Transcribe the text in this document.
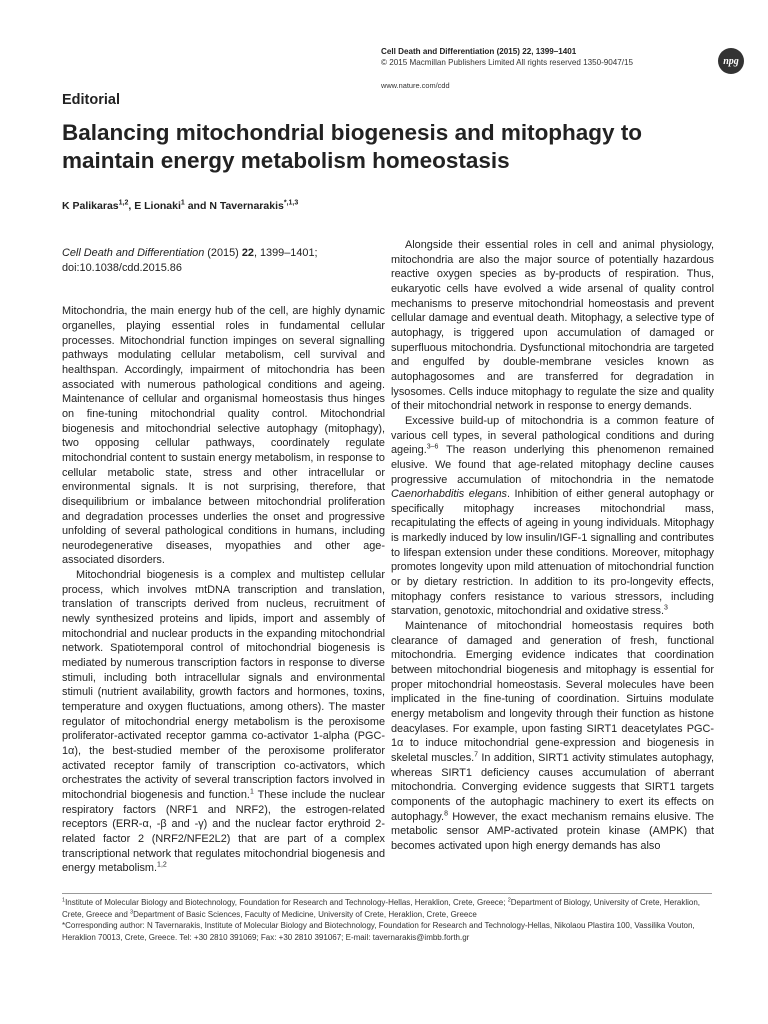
Cell Death and Differentiation (2015) 22, 1399–1401
© 2015 Macmillan Publishers Limited All rights reserved 1350-9047/15
www.nature.com/cdd
npg
Editorial
Balancing mitochondrial biogenesis and mitophagy to maintain energy metabolism homeostasis
K Palikaras$^{1,2}$, E Lionaki$^1$ and N Tavernarakis$^{*,1,3}$

Cell Death and Differentiation (2015) 22, 1399–1401;
doi:10.1038/cdd.2015.86

Mitochondria, the main energy hub of the cell, are highly dynamic organelles, playing essential roles in fundamental cellular processes. Mitochondrial function impinges on several signalling pathways modulating cellular metabolism, cell survival and healthspan. Accordingly, impairment of mitochondria has been associated with numerous pathological conditions and ageing. Maintenance of cellular and organismal homeostasis thus hinges on fine-tuning mitochondrial quality control. Mitochondrial biogenesis and mitochondrial selective autophagy (mitophagy), two opposing cellular pathways, coordinately regulate mitochondrial content to sustain energy metabolism, in response to cellular metabolic state, stress and other intracellular or environmental signals. It is not surprising, therefore, that disequilibrium or imbalance between mitochondrial proliferation and degradation processes underlies the onset and progressive unfolding of several pathological conditions in humans, including neurodegenerative diseases, myopathies and other age-associated disorders.

Mitochondrial biogenesis is a complex and multistep cellular process, which involves mtDNA transcription and translation, translation of transcripts derived from nucleus, recruitment of newly synthesized proteins and lipids, import and assembly of mitochondrial and nuclear products in the expanding mitochondrial network. Spatiotemporal control of mitochondrial biogenesis is mediated by numerous transcription factors in response to diverse stimuli, including both intracellular signals and environmental stimuli (nutrient availability, growth factors and hormones, toxins, temperature and oxygen fluctuations, among others). The master regulator of mitochondrial energy metabolism is the peroxisome proliferator-activated receptor gamma co-activator 1-alpha (PGC-1α), the best-studied member of the peroxisome proliferator activated receptor family of transcription co-activators, which orchestrates the activity of several transcription factors involved in mitochondrial biogenesis and function.$^1$ These include the nuclear respiratory factors (NRF1 and NRF2), the estrogen-related receptors (ERR-α, -β and -γ) and the nuclear factor erythroid 2-related factor 2 (NRF2/NFE2L2) that are part of a complex transcriptional network that regulates mitochondrial biogenesis and energy metabolism.$^{1,2}$

Alongside their essential roles in cell and animal physiology, mitochondria are also the major source of potentially hazardous reactive oxygen species as by-products of respiration. Thus, eukaryotic cells have evolved a wide arsenal of quality control mechanisms to preserve mitochondrial homeostasis and prevent cellular damage and eventual death. Mitophagy, a selective type of autophagy, is triggered upon accumulation of damaged or superfluous mitochondria. Dysfunctional mitochondria are targeted and engulfed by double-membrane vesicles known as autophagosomes and are transferred for degradation in lysosomes. Cells induce mitophagy to regulate the size and quality of their mitochondrial network in response to energy demands.

Excessive build-up of mitochondria is a common feature of various cell types, in several pathological conditions and during ageing.$^{3-6}$ The reason underlying this phenomenon remained elusive. We found that age-related mitophagy decline causes progressive accumulation of mitochondria in the nematode Caenorhabditis elegans. Inhibition of either general autophagy or specifically mitophagy increases mitochondrial mass, recapitulating the effects of ageing in young individuals. Mitophagy is markedly induced by low insulin/IGF-1 signalling and contributes to lifespan extension under these conditions. Moreover, mitophagy promotes longevity upon mild attenuation of mitochondrial function or by dietary restriction. In addition to its pro-longevity effects, mitophagy confers resistance to various stressors, including starvation, genotoxic, mitochondrial and oxidative stress.$^3$

Maintenance of mitochondrial homeostasis requires both clearance of damaged and generation of fresh, functional mitochondria. Emerging evidence indicates that coordination between mitochondrial biogenesis and mitophagy is essential for proper mitochondrial homeostasis. Several molecules have been implicated in the fine-tuning of coordination. Sirtuins modulate energy metabolism and longevity through their function as histone deacylases. For example, upon fasting SIRT1 deacetylates PGC-1α to induce mitochondrial gene-expression and biogenesis in skeletal muscles.$^7$ In addition, SIRT1 activity stimulates autophagy, whereas SIRT1 deficiency causes accumulation of aberrant mitochondria. Converging evidence suggests that SIRT1 targets components of the autophagic machinery to exert its effects on autophagy.$^8$ However, the exact mechanism remains elusive. The metabolic sensor AMP-activated protein kinase (AMPK) that becomes activated upon high energy demands has also

$^1$Institute of Molecular Biology and Biotechnology, Foundation for Research and Technology-Hellas, Heraklion, Crete, Greece; $^2$Department of Biology, University of Crete, Heraklion, Crete, Greece and $^3$Department of Basic Sciences, Faculty of Medicine, University of Crete, Heraklion, Crete, Greece

*Corresponding author: N Tavernarakis, Institute of Molecular Biology and Biotechnology, Foundation for Research and Technology-Hellas, Nikolaou Plastira 100, Vassilika Vouton, Heraklion 70013, Crete, Greece. Tel: +30 2810 391069; Fax: +30 2810 391067; E-mail: tavernarakis@imbb.forth.gr
